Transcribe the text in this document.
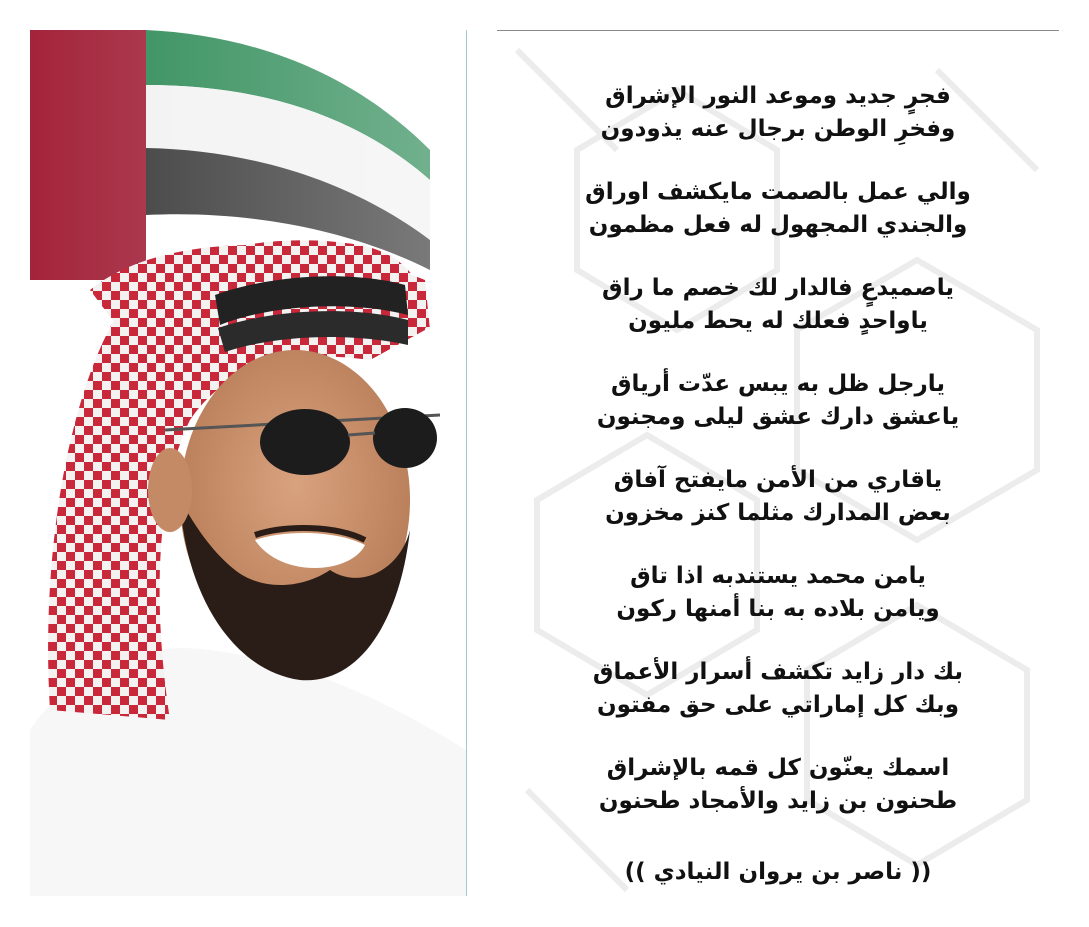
فجرٍ جديد وموعد النور الإشراق
وفخرِ الوطن برجال عنه يذودون
والي عمل بالصمت مايكشف اوراق
والجندي المجهول له فعل مظمون
ياصميدعٍ فالدار لك خصم ما راق
ياواحدٍ فعلك له يحط مليون
يارجل ظل به يبس عدّت أرياق
ياعشق دارك عشق ليلى ومجنون
ياقاري من الأمن مايفتح آفاق
بعض المدارك مثلما كنز مخزون
يامن محمد يستندبه اذا تاق
ويامن بلاده به بنا أمنها ركون
بك دار زايد تكشف أسرار الأعماق
وبك كل إماراتي على حق مفتون
اسمك يعنّون كل قمه بالإشراق
طحنون بن زايد والأمجاد طحنون
(( ناصر بن يروان النيادي ))
